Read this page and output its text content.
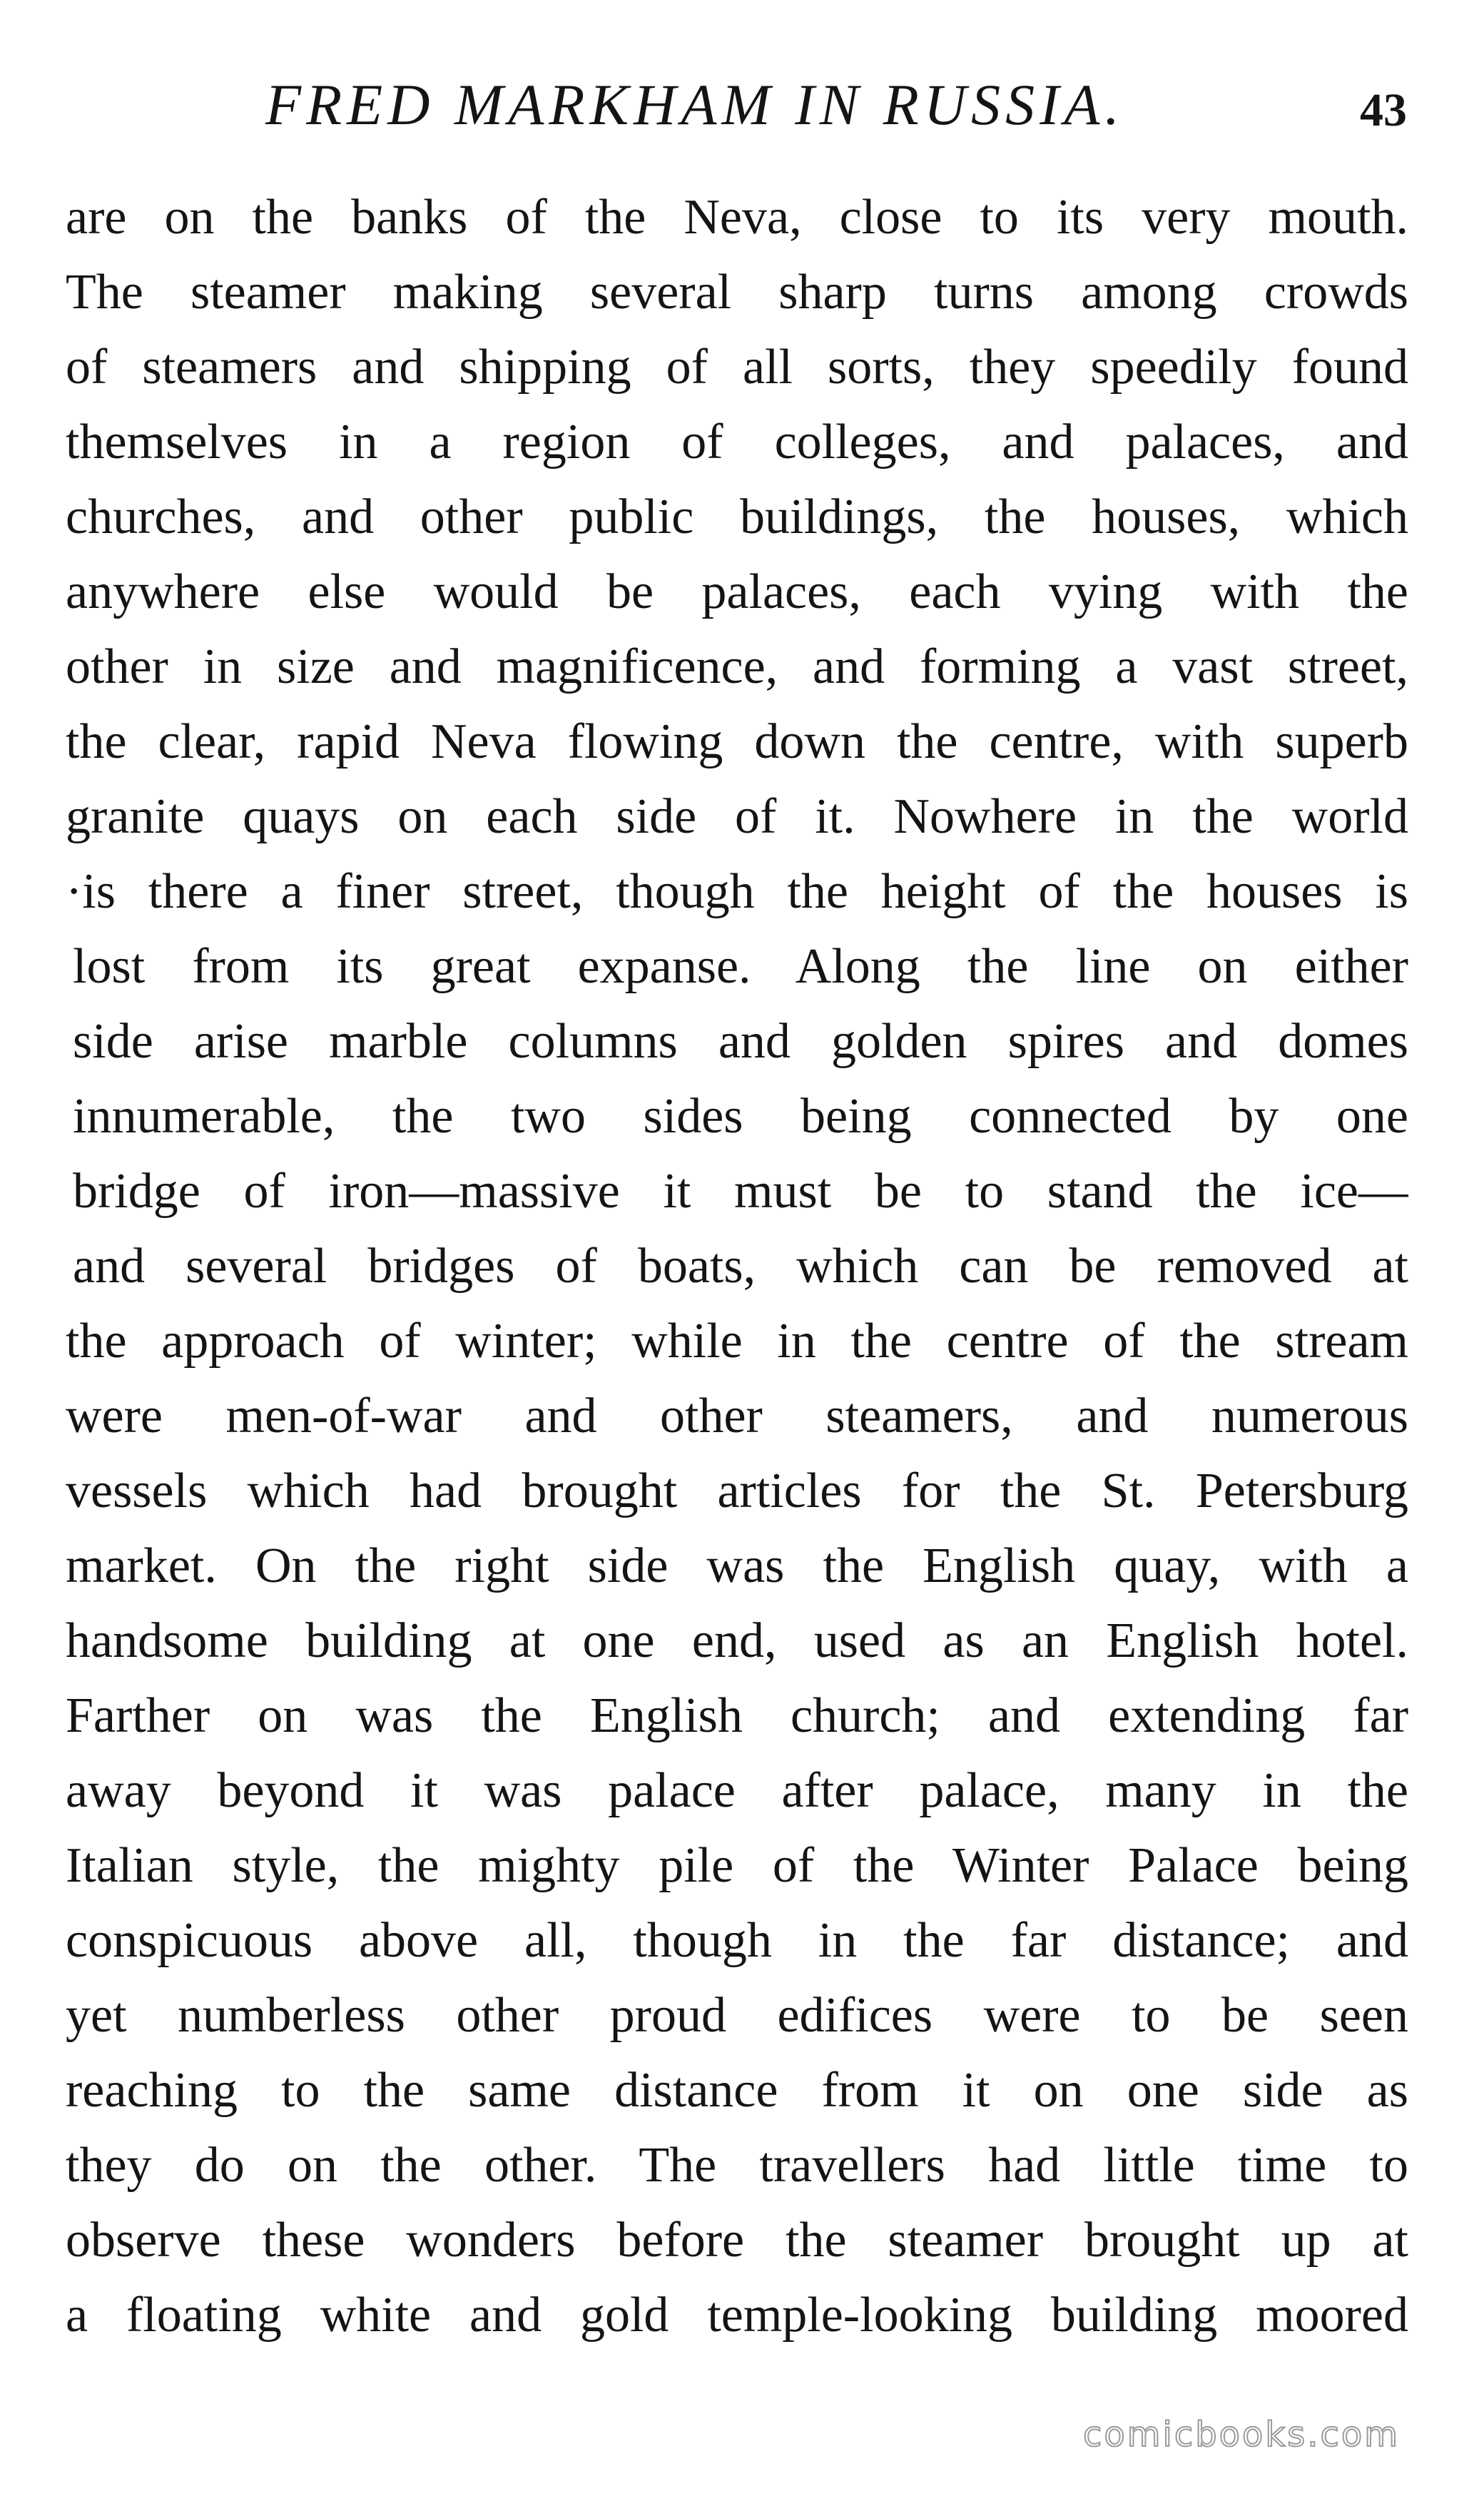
FRED MARKHAM IN RUSSIA.	43
are on the banks of the Neva, close to its very mouth.
The steamer making several sharp turns among crowds
of steamers and shipping of all sorts, they speedily found
themselves in a region of colleges, and palaces, and
churches, and other public buildings, the houses, which
anywhere else would be palaces, each vying with the
other in size and magnificence, and forming a vast street,
the clear, rapid Neva flowing down the centre, with superb
granite quays on each side of it. Nowhere in the world
·is there a finer street, though the height of the houses is
lost from its great expanse. Along the line on either
side arise marble columns and golden spires and domes
innumerable, the two sides being connected by one
bridge of iron—massive it must be to stand the ice—
and several bridges of boats, which can be removed at
the approach of winter; while in the centre of the stream
were men-of-war and other steamers, and numerous
vessels which had brought articles for the St. Petersburg
market. On the right side was the English quay, with a
handsome building at one end, used as an English hotel.
Farther on was the English church; and extending far
away beyond it was palace after palace, many in the
Italian style, the mighty pile of the Winter Palace being
conspicuous above all, though in the far distance; and
yet numberless other proud edifices were to be seen
reaching to the same distance from it on one side as
they do on the other. The travellers had little time to
observe these wonders before the steamer brought up at
a floating white and gold temple-looking building moored
comicbooks.com
